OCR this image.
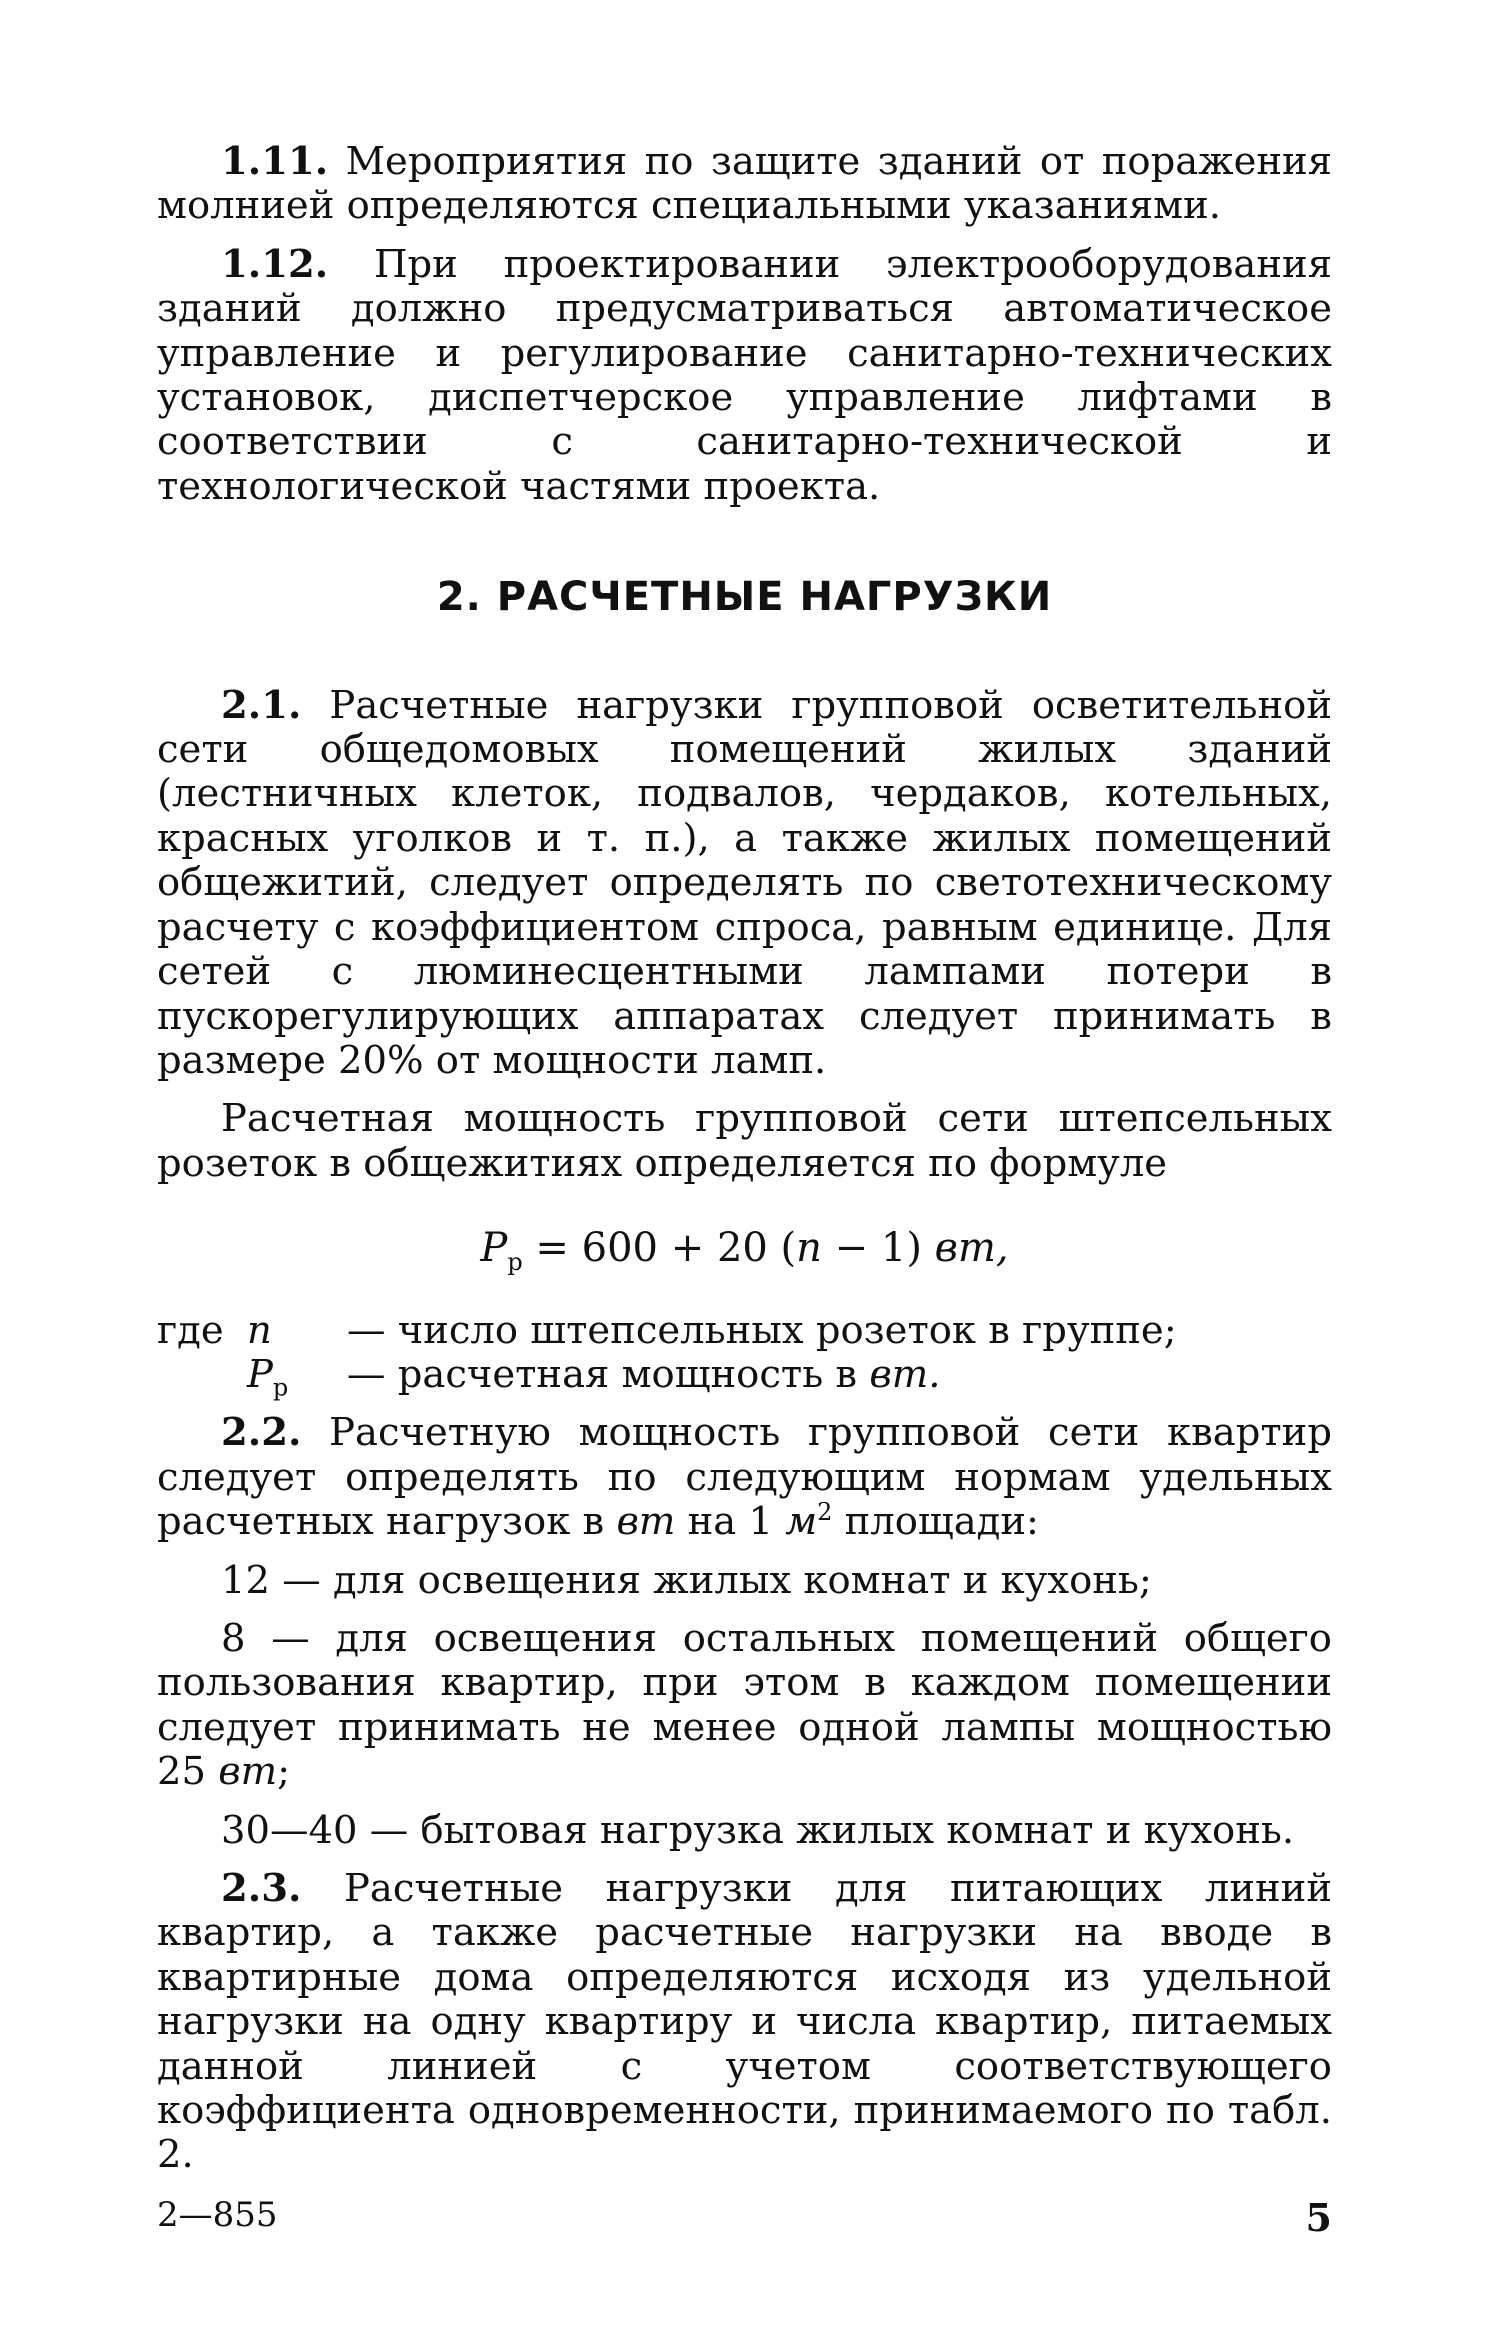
1.11. Мероприятия по защите зданий от поражения молнией определяются специальными указаниями.

1.12. При проектировании электрооборудования зданий должно предусматриваться автоматическое управление и регулирование санитарно-технических установок, диспетчерское управление лифтами в соответствии с санитарно-технической и технологической частями проекта.

2. РАСЧЕТНЫЕ НАГРУЗКИ

2.1. Расчетные нагрузки групповой осветительной сети общедомовых помещений жилых зданий (лестничных клеток, подвалов, чердаков, котельных, красных уголков и т. п.), а также жилых помещений общежитий, следует определять по светотехническому расчету с коэффициентом спроса, равным единице. Для сетей с люминесцентными лампами потери в пускорегулирующих аппаратах следует принимать в размере 20% от мощности ламп.

Расчетная мощность групповой сети штепсельных розеток в общежитиях определяется по формуле

$P_р = 600 + 20$ (n − 1) вт,
где n	— число штепсельных розеток в группе;
$P_р$	— расчетная мощность в вт.

2.2. Расчетную мощность групповой сети квартир следует определять по следующим нормам удельных расчетных нагрузок в вт на 1 $м^2$ площади:

12 — для освещения жилых комнат и кухонь;

8 — для освещения остальных помещений общего пользования квартир, при этом в каждом помещении следует принимать не менее одной лампы мощностью 25 вт;

30—40 — бытовая нагрузка жилых комнат и кухонь.

2.3. Расчетные нагрузки для питающих линий квартир, а также расчетные нагрузки на вводе в квартирные дома определяются исходя из удельной нагрузки на одну квартиру и числа квартир, питаемых данной линией с учетом соответствующего коэффициента одновременности, принимаемого по табл. 2.

2—855	5
